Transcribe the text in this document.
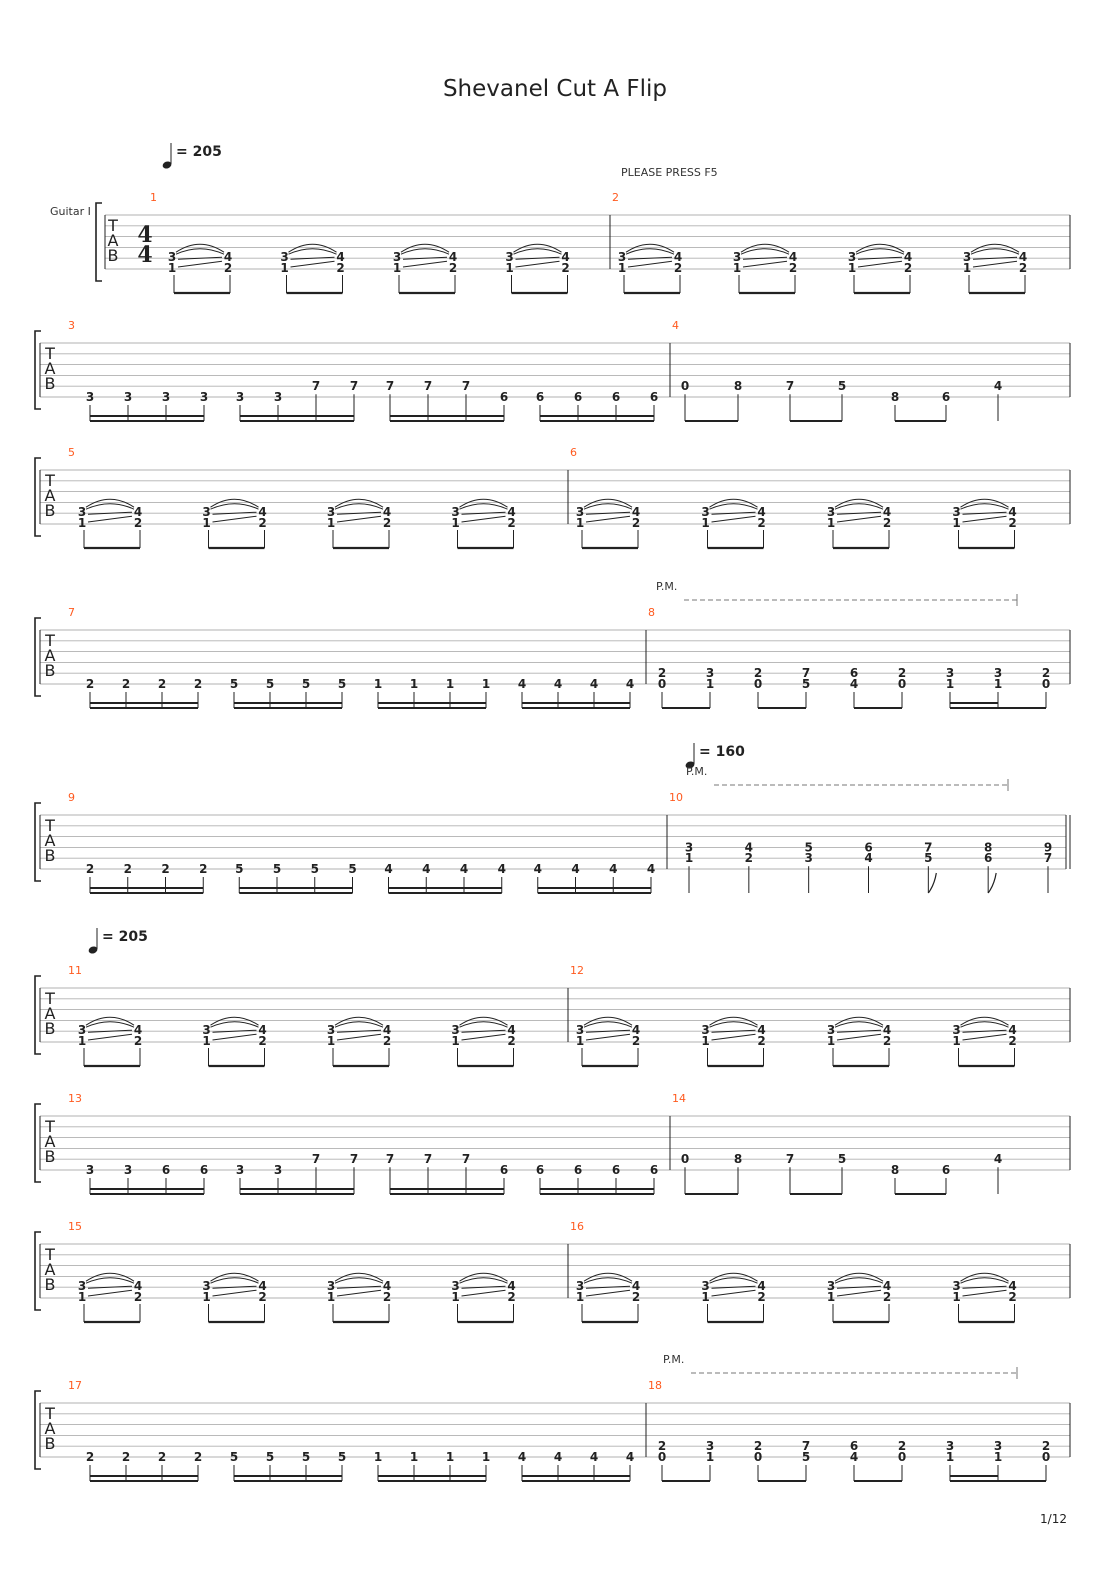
Shevanel Cut A Flip
PLEASE PRESS F5
1/12
T
A
B
Guitar I
4
4
= 205
1
3
1
4
2
3
1
4
2
3
1
4
2
3
1
4
2
2
3
1
4
2
3
1
4
2
3
1
4
2
3
1
4
2
T
A
B
3
3 3 3 3 3 3
7 7 7 7 7
6 6 6 6 6
4
0	8	7	5
8	6
4
T
A
B
5
3
1
4
2
3
1
4
2
3
1
4
2
3
1
4
2
6
3
1
4
2
3
1
4
2
3
1
4
2
3
1
4
2
T
A
B
P.M.
7
2 2 2 2 5 5 5 5 1 1 1 1 4 4 4 4
8
2
0
3
1
2
0
7
5
6
4
2
0
3
1
3
1
2
0
T
A
B
= 160
P.M.
9
2 2 2 2 5 5 5 5 4 4 4 4 4 4 4 4
10
3
1
4
2
5
3
6
4
7
5
8
6
9
7
T
A
B
= 205
11
3
1
4
2
3
1
4
2
3
1
4
2
3
1
4
2
12
3
1
4
2
3
1
4
2
3
1
4
2
3
1
4
2
T
A
B
13
3 3 6 6 3 3
7 7 7 7 7
6 6 6 6 6
14
0	8	7	5
8	6
4
T
A
B
15
3
1
4
2
3
1
4
2
3
1
4
2
3
1
4
2
16
3
1
4
2
3
1
4
2
3
1
4
2
3
1
4
2
T
A
B
P.M.
17
2 2 2 2 5 5 5 5 1 1 1 1 4 4 4 4
18
2
0
3
1
2
0
7
5
6
4
2
0
3
1
3
1
2
0
